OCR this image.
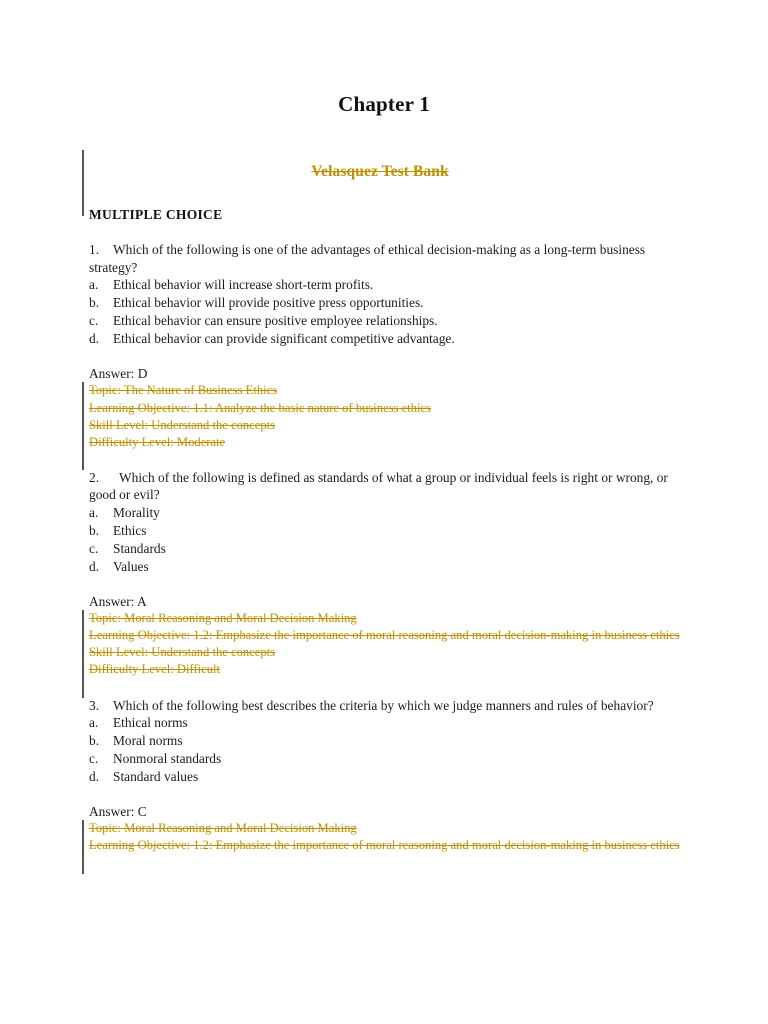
Chapter 1
Velasquez Test Bank
MULTIPLE CHOICE

1. Which of the following is one of the advantages of ethical decision-making as a long-term business strategy?

a. Ethical behavior will increase short-term profits.
b. Ethical behavior will provide positive press opportunities.
c. Ethical behavior can ensure positive employee relationships.
d. Ethical behavior can provide significant competitive advantage.

Answer: D

Topic: The Nature of Business Ethics
Learning Objective: 1.1: Analyze the basic nature of business ethics
Skill Level: Understand the concepts
Difficulty Level: Moderate

2. Which of the following is defined as standards of what a group or individual feels is right or wrong, or good or evil?

a. Morality
b. Ethics
c. Standards
d. Values

Answer: A

Topic: Moral Reasoning and Moral Decision Making
Learning Objective: 1.2: Emphasize the importance of moral reasoning and moral decision-making in business ethics
Skill Level: Understand the concepts
Difficulty Level: Difficult

3. Which of the following best describes the criteria by which we judge manners and rules of behavior?

a. Ethical norms
b. Moral norms
c. Nonmoral standards
d. Standard values

Answer: C

Topic: Moral Reasoning and Moral Decision Making
Learning Objective: 1.2: Emphasize the importance of moral reasoning and moral decision-making in business ethics
